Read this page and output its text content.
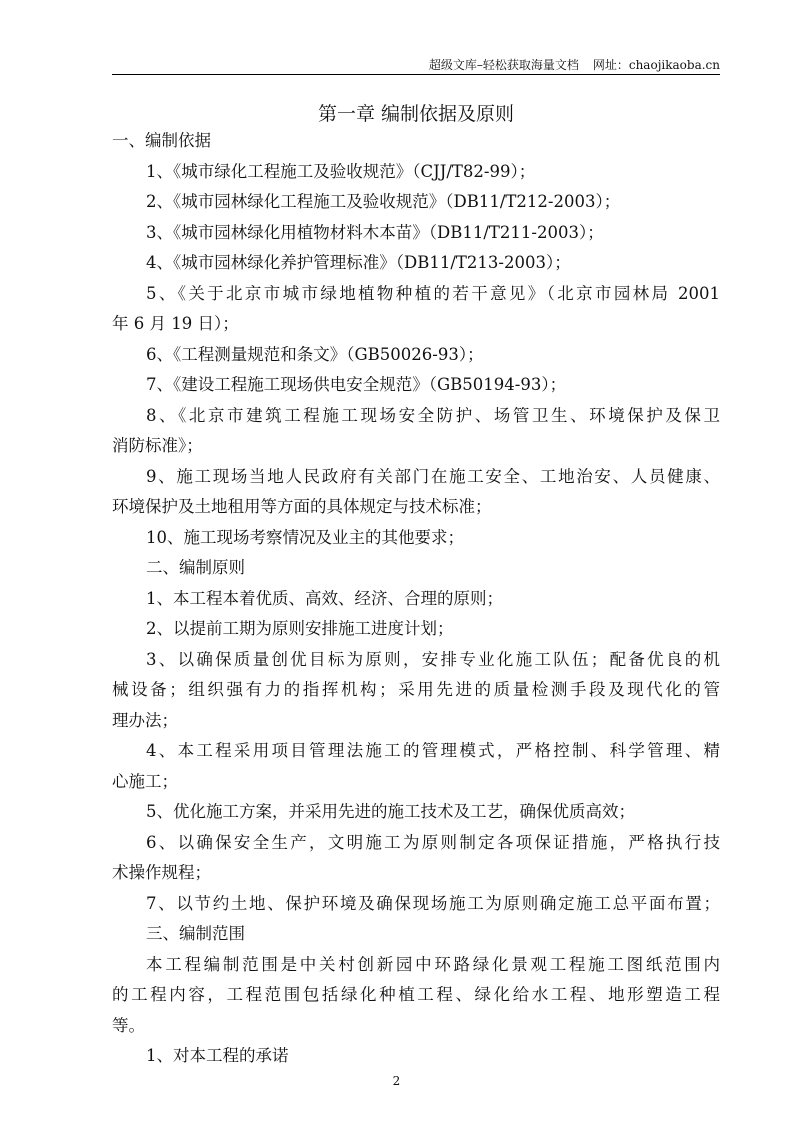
超级文库–轻松获取海量文档 网址：chaojikaoba.cn
第一章 编制依据及原则
一、编制依据
1、《城市绿化工程施工及验收规范》（CJJ/T82-99）；
2、《城市园林绿化工程施工及验收规范》（DB11/T212-2003）；
3、《城市园林绿化用植物材料木本苗》（DB11/T211-2003）；
4、《城市园林绿化养护管理标准》（DB11/T213-2003）；
5、《关于北京市城市绿地植物种植的若干意见》（北京市园林局 2001
年 6 月 19 日）；
6、《工程测量规范和条文》（GB50026-93）；
7、《建设工程施工现场供电安全规范》（GB50194-93）；
8、《北京市建筑工程施工现场安全防护、场管卫生、环境保护及保卫
消防标准》；
9、施工现场当地人民政府有关部门在施工安全、工地治安、人员健康、
环境保护及土地租用等方面的具体规定与技术标准；
10、施工现场考察情况及业主的其他要求；
二、编制原则
1、本工程本着优质、高效、经济、合理的原则；
2、以提前工期为原则安排施工进度计划；
3、以确保质量创优目标为原则，安排专业化施工队伍；配备优良的机
械设备；组织强有力的指挥机构；采用先进的质量检测手段及现代化的管
理办法；
4、本工程采用项目管理法施工的管理模式，严格控制、科学管理、精
心施工；
5、优化施工方案，并采用先进的施工技术及工艺，确保优质高效；
6、以确保安全生产，文明施工为原则制定各项保证措施，严格执行技
术操作规程；
7、以节约土地、保护环境及确保现场施工为原则确定施工总平面布置；
三、编制范围
本工程编制范围是中关村创新园中环路绿化景观工程施工图纸范围内
的工程内容，工程范围包括绿化种植工程、绿化给水工程、地形塑造工程
等。
1、对本工程的承诺
2
